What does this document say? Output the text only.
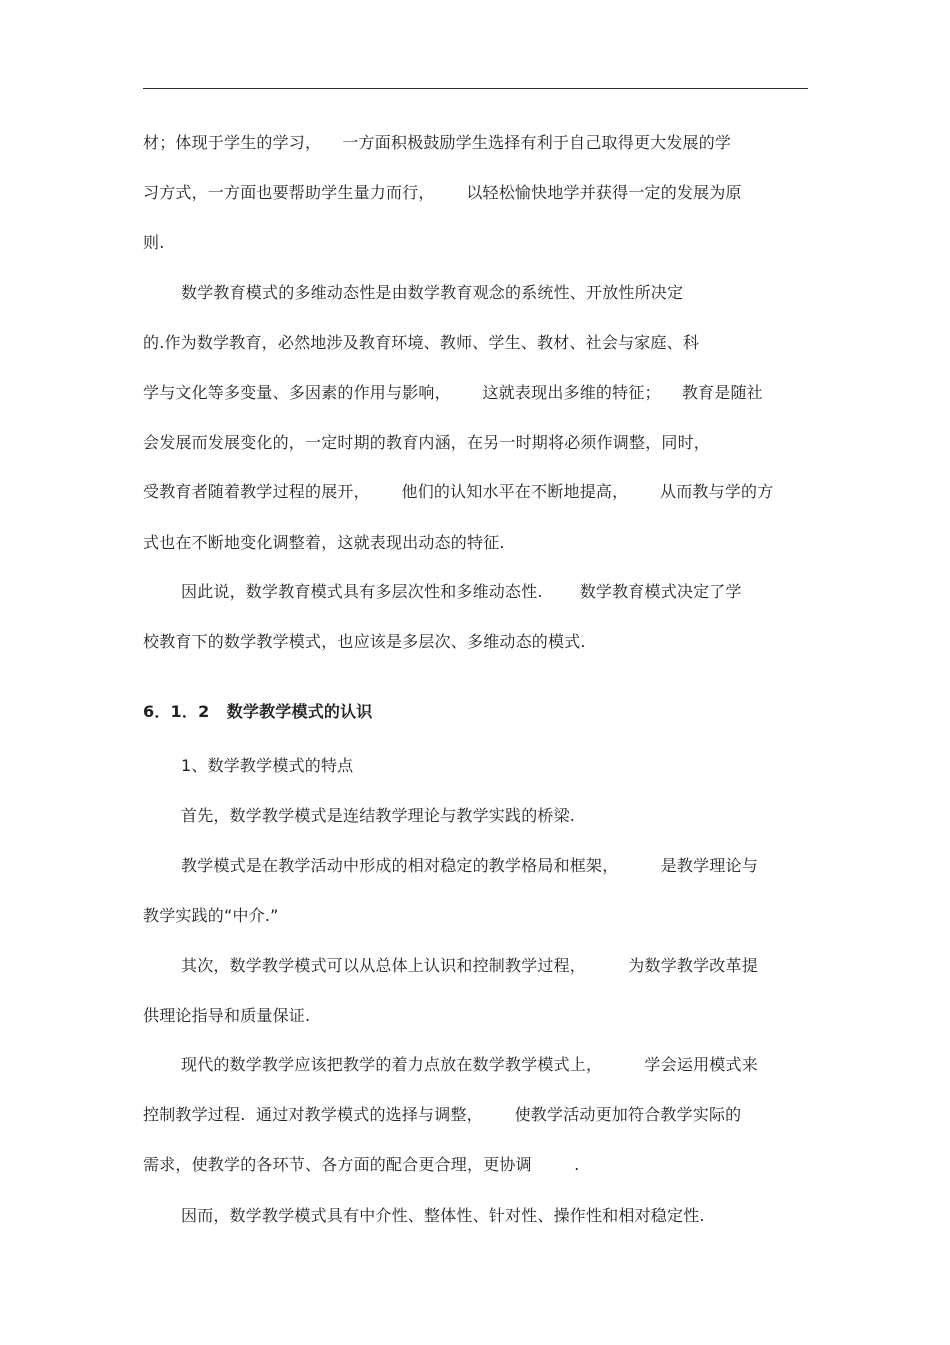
材；体现于学生的学习，    一方面积极鼓励学生选择有利于自己取得更大发展的学
习方式，一方面也要帮助学生量力而行，      以轻松愉快地学并获得一定的发展为原
则.
数学教育模式的多维动态性是由数学教育观念的系统性、开放性所决定
的.作为数学教育，必然地涉及教育环境、教师、学生、教材、社会与家庭、科
学与文化等多变量、多因素的作用与影响，      这就表现出多维的特征；    教育是随社
会发展而发展变化的，一定时期的教育内涵，在另一时期将必须作调整，同时，
受教育者随着教学过程的展开，      他们的认知水平在不断地提高，      从而教与学的方
式也在不断地变化调整着，这就表现出动态的特征.
因此说，数学教育模式具有多层次性和多维动态性.       数学教育模式决定了学
校教育下的数学教学模式，也应该是多层次、多维动态的模式.
6．1．2   数学教学模式的认识
1、数学教学模式的特点
首先，数学教学模式是连结教学理论与教学实践的桥梁.
教学模式是在教学活动中形成的相对稳定的教学格局和框架，        是教学理论与
教学实践的“中介.”
其次，数学教学模式可以从总体上认识和控制教学过程，        为数学教学改革提
供理论指导和质量保证.
现代的数学教学应该把教学的着力点放在数学教学模式上，        学会运用模式来
控制教学过程.  通过对教学模式的选择与调整，      使教学活动更加符合教学实际的
需求，使教学的各环节、各方面的配合更合理，更协调        .
因而，数学教学模式具有中介性、整体性、针对性、操作性和相对稳定性.
